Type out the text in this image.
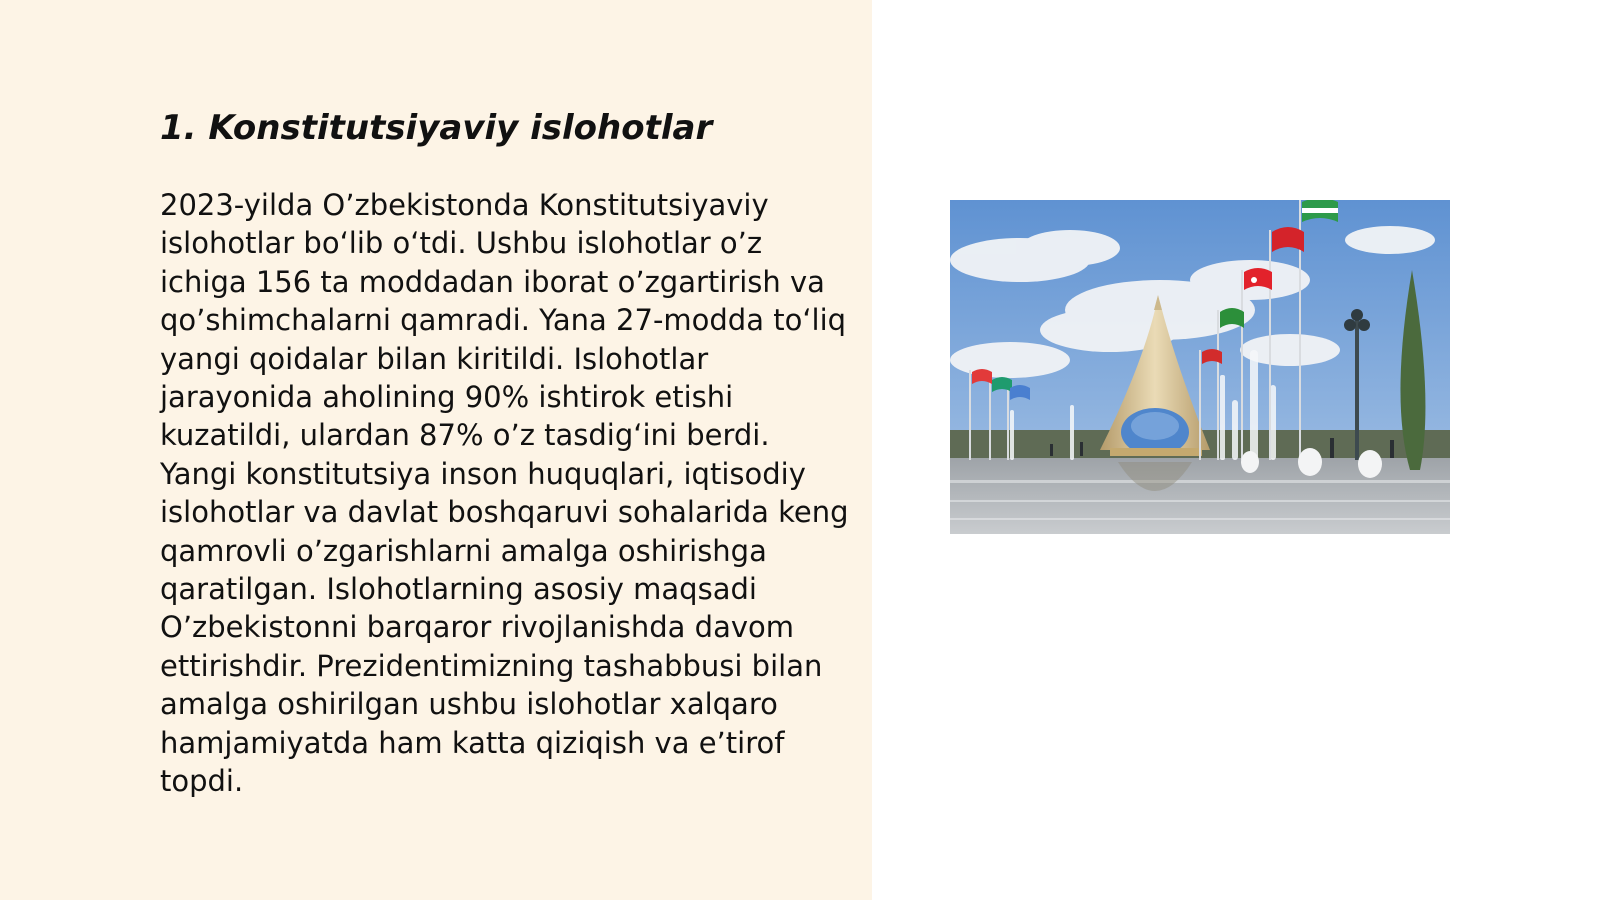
1. Konstitutsiyaviy islohotlar

2023-yilda O’zbekistonda Konstitutsiyaviy islohotlar bo‘lib o‘tdi. Ushbu islohotlar o’z ichiga 156 ta moddadan iborat o’zgartirish va qo’shimchalarni qamradi. Yana 27-modda to‘liq yangi qoidalar bilan kiritildi. Islohotlar jarayonida aholining 90% ishtirok etishi kuzatildi, ulardan 87% o’z tasdig‘ini berdi. Yangi konstitutsiya inson huquqlari, iqtisodiy islohotlar va davlat boshqaruvi sohalarida keng qamrovli o’zgarishlarni amalga oshirishga qaratilgan. Islohotlarning asosiy maqsadi O’zbekistonni barqaror rivojlanishda davom ettirishdir. Prezidentimizning tashabbusi bilan amalga oshirilgan ushbu islohotlar xalqaro hamjamiyatda ham katta qiziqish va e’tirof topdi.
